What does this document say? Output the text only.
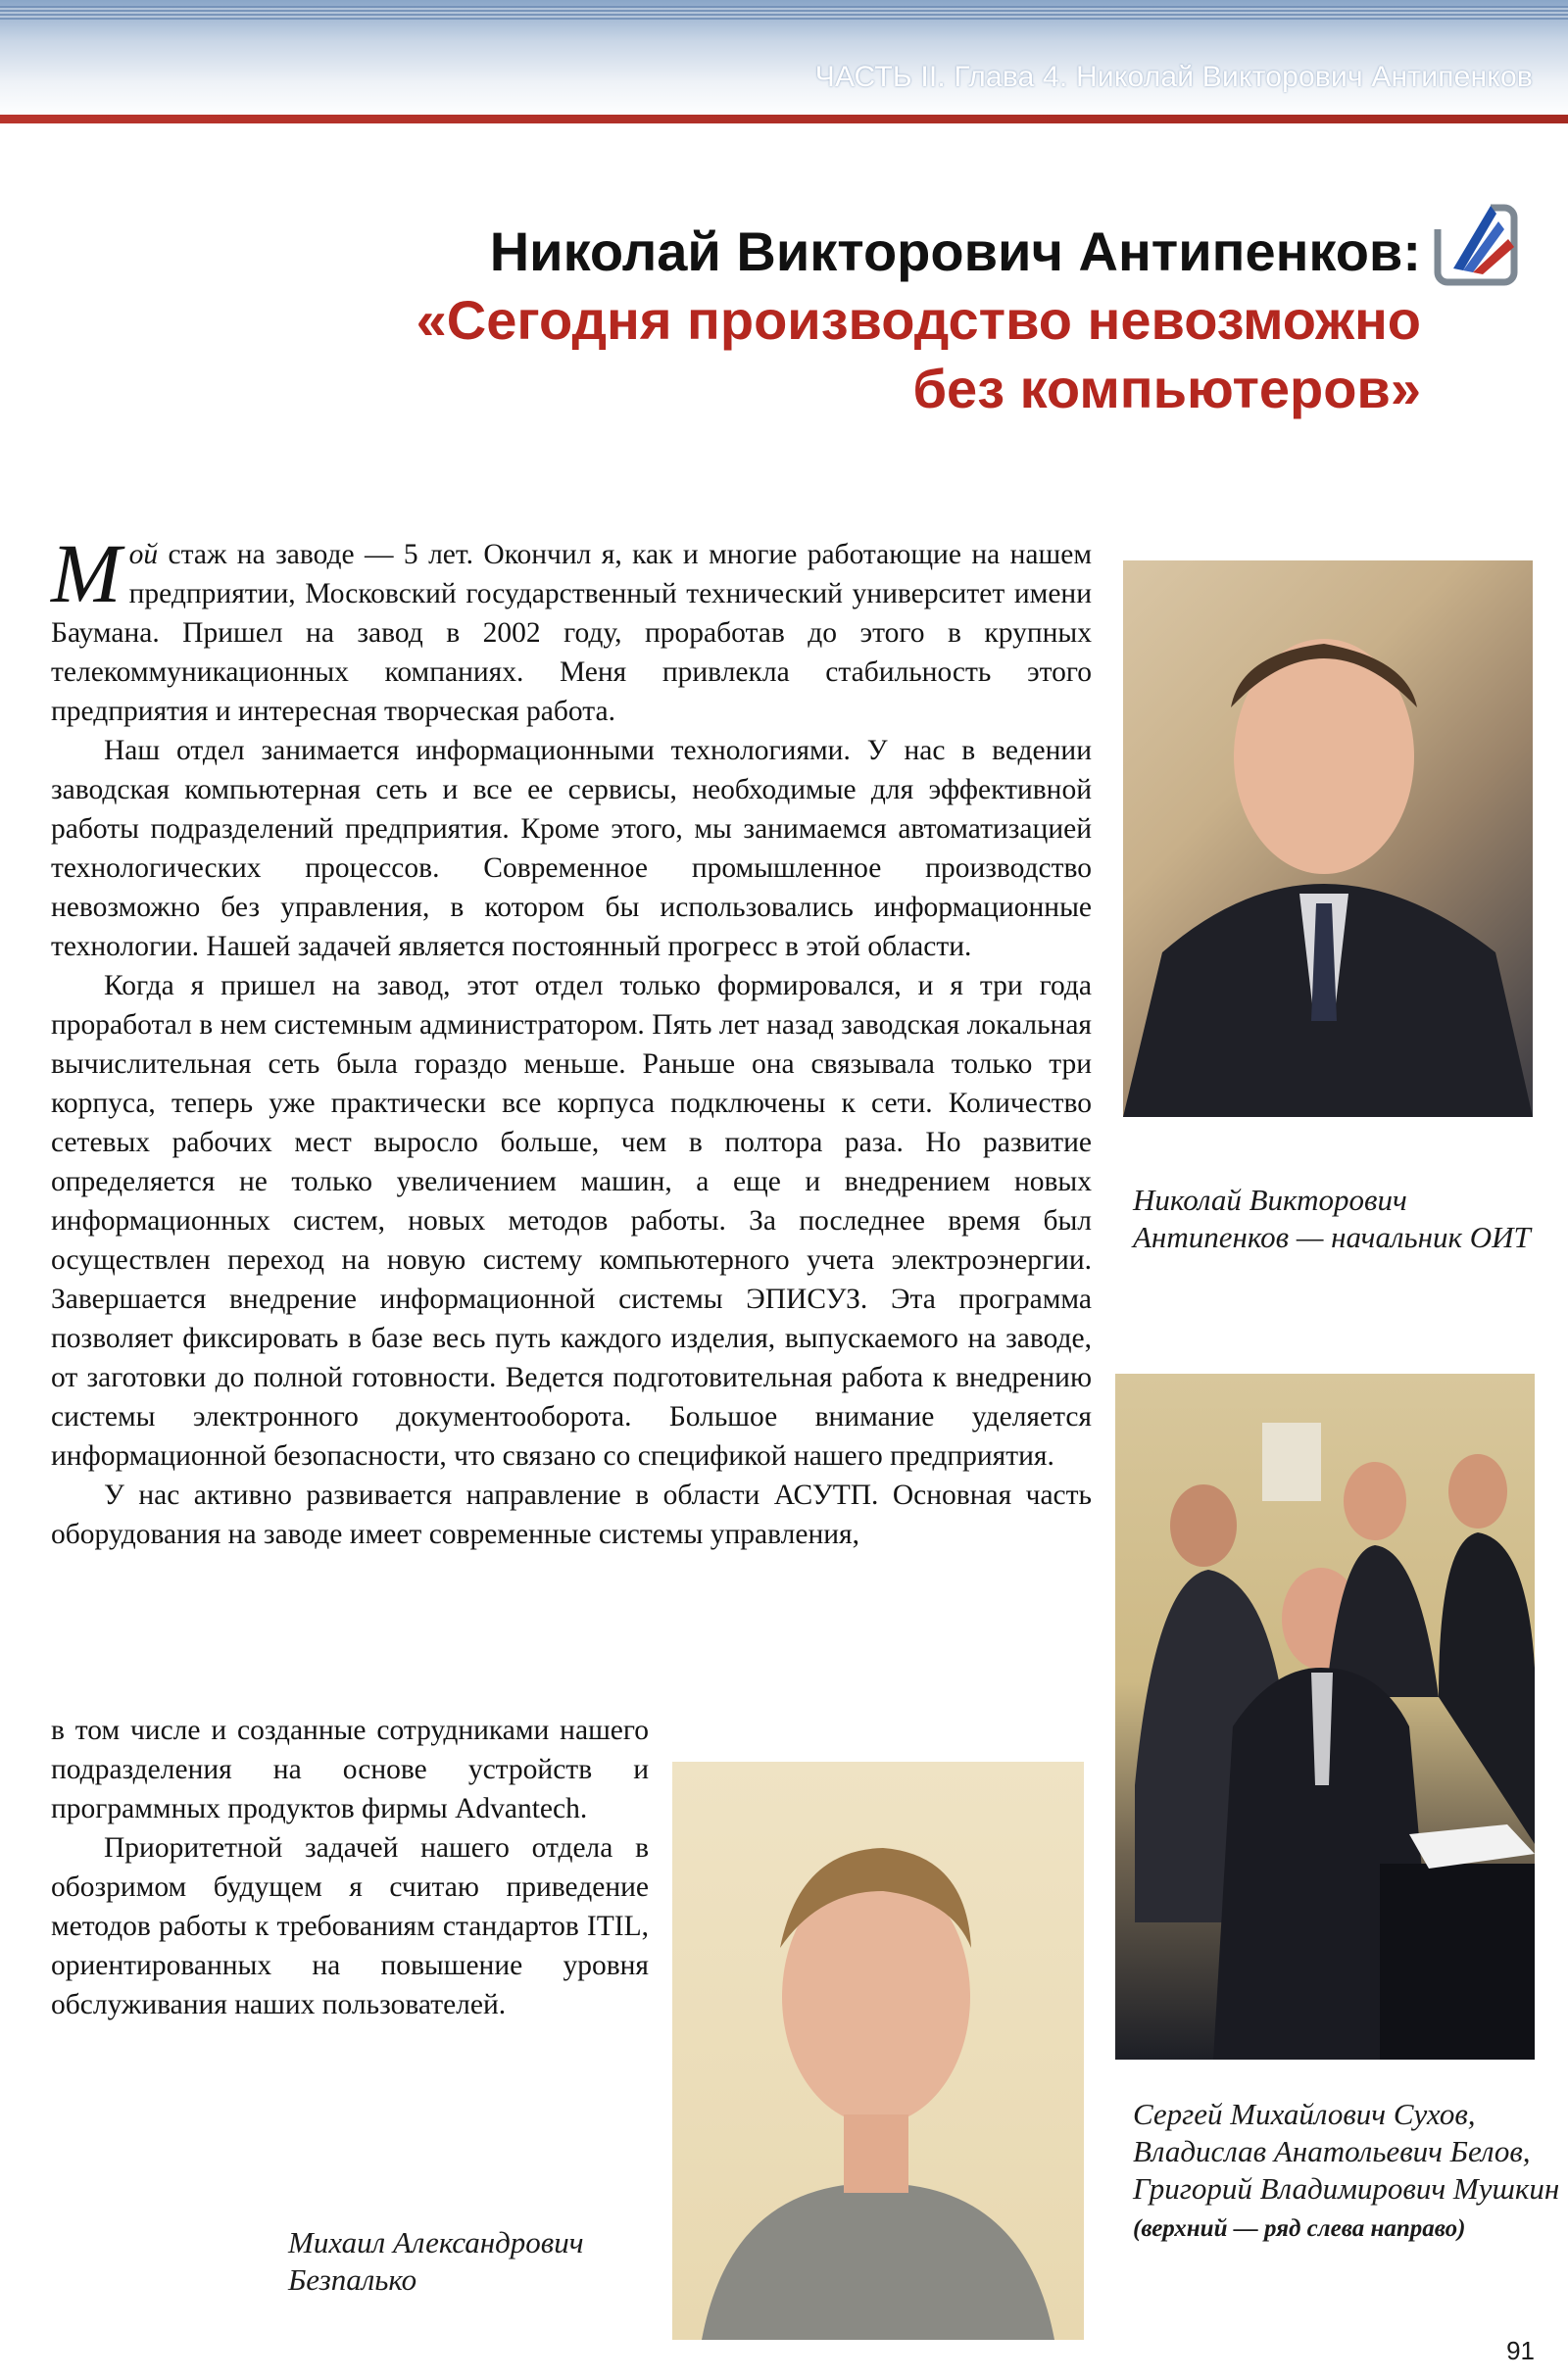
ЧАСТЬ II. Глава 4. Николай Викторович Антипенков
Николай Викторович Антипенков:
«Сегодня производство невозможно
без компьютеров»

Мой стаж на заводе — 5 лет. Окончил я, как и многие работающие на нашем предприятии, Московский государственный технический университет имени Баумана. Пришел на завод в 2002 году, проработав до этого в крупных телекоммуникационных компаниях. Меня привлекла стабильность этого предприятия и интересная творческая работа.

Наш отдел занимается информационными технологиями. У нас в ведении заводская компьютерная сеть и все ее сервисы, необходимые для эффективной работы подразделений предприятия. Кроме этого, мы занимаемся автоматизацией технологических процессов. Современное промышленное производство невозможно без управления, в котором бы использовались информационные технологии. Нашей задачей является постоянный прогресс в этой области.

Когда я пришел на завод, этот отдел только формировался, и я три года проработал в нем системным администратором. Пять лет назад заводская локальная вычислительная сеть была гораздо меньше. Раньше она связывала только три корпуса, теперь уже практически все корпуса подключены к сети. Количество сетевых рабочих мест выросло больше, чем в полтора раза. Но развитие определяется не только увеличением машин, а еще и внедрением новых информационных систем, новых методов работы. За последнее время был осуществлен переход на новую систему компьютерного учета электроэнергии. Завершается внедрение информационной системы ЭПИСУЗ. Эта программа позволяет фиксировать в базе весь путь каждого изделия, выпускаемого на заводе, от заготовки до полной готовности. Ведется подготовительная работа к внедрению системы электронного документооборота. Большое внимание уделяется информационной безопасности, что связано со спецификой нашего предприятия.

У нас активно развивается направление в области АСУТП. Основная часть оборудования на заводе имеет современные системы управления,

в том числе и созданные сотрудниками нашего подразделения на основе устройств и программных продуктов фирмы Advantech.

Приоритетной задачей нашего отдела в обозримом будущем я считаю приведение методов работы к требованиям стандартов ITIL, ориентированных на повышение уровня обслуживания наших пользователей.

Николай Викторович Антипенков — начальник ОИТ
Сергей Михайлович Сухов, Владислав Анатольевич Белов, Григорий Владимирович Мушкин
(верхний — ряд слева направо)
Михаил Александрович Безпалько
91
